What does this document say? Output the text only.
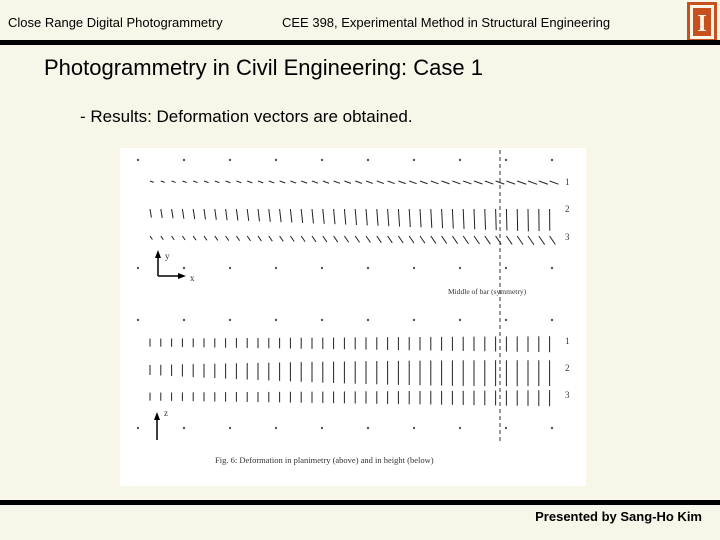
Close Range Digital Photogrammetry	CEE 398, Experimental Method in Structural Engineering	I
Photogrammetry in Civil Engineering: Case 1
- Results: Deformation vectors are obtained.
y
x
z
Middle of bar (symmetry)
Fig. 6: Deformation in planimetry (above) and in height (below)
1
2
3
1
2
3
Presented by Sang-Ho Kim
